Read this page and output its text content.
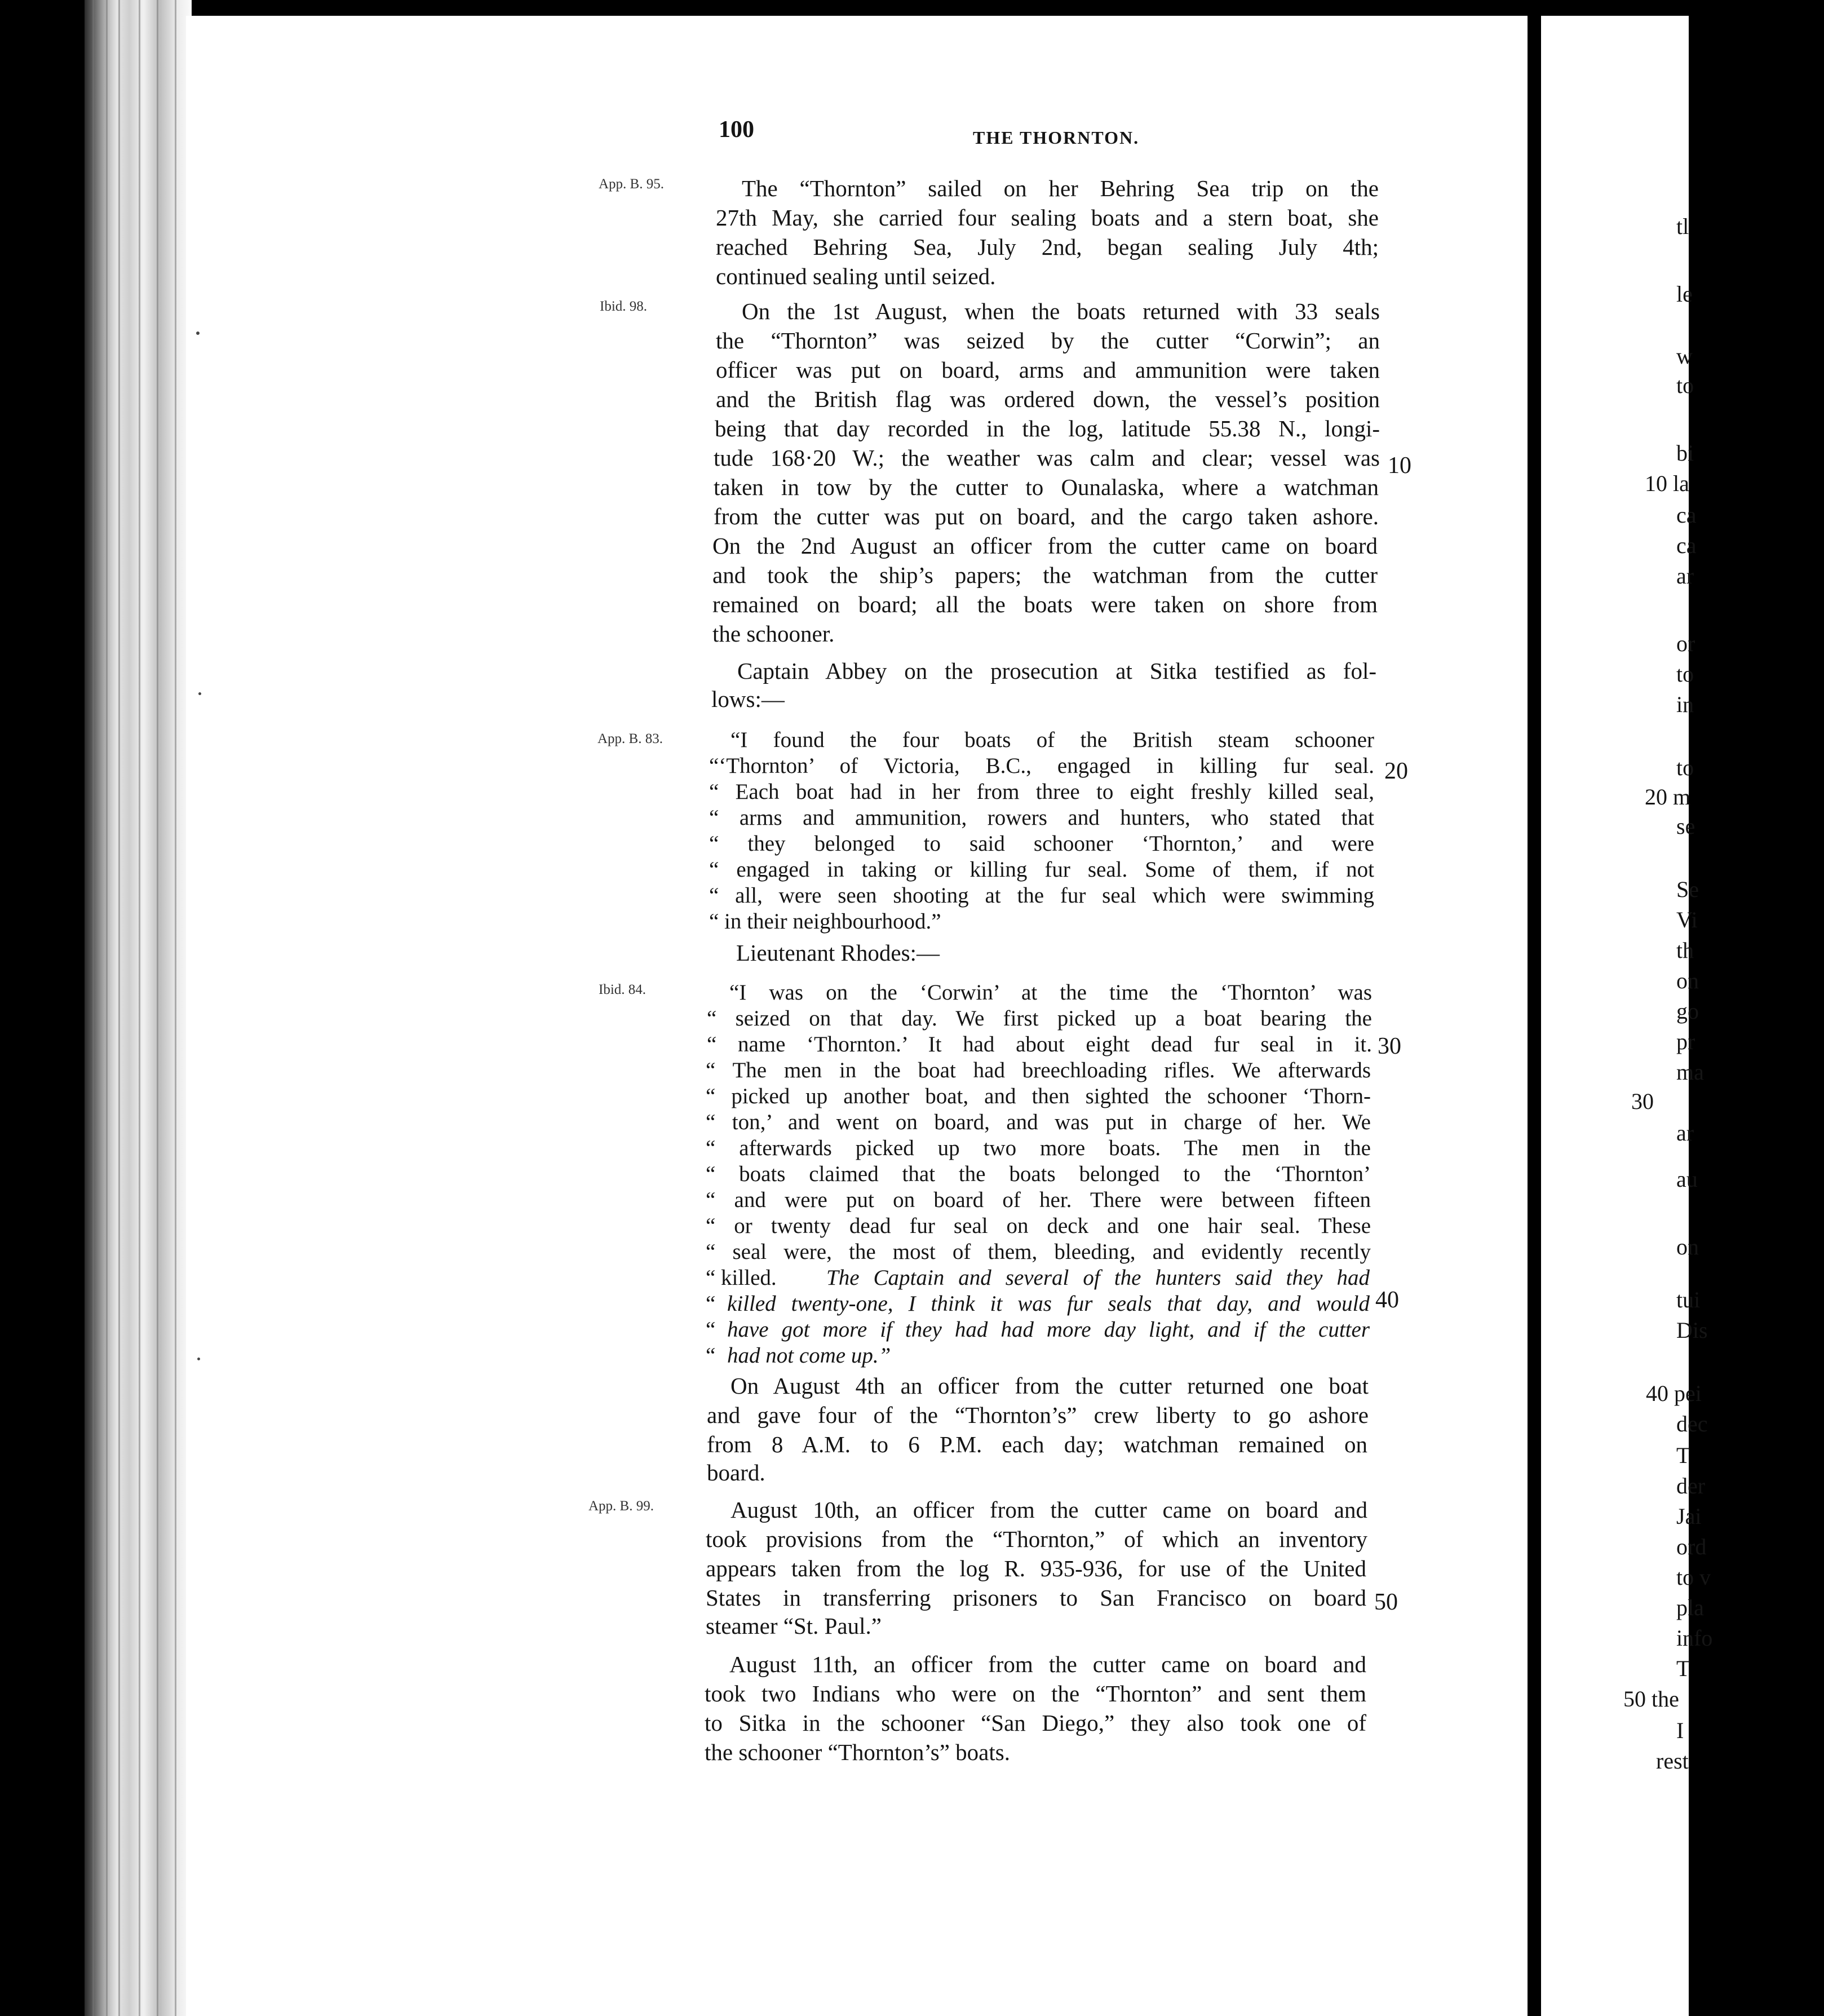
tl
le
w
to
bi
10 la
ca
ca
ar
or
to
in
to
20 m
se
Se
Vi
th
on
go
pr
ma
30
ar
au
on
tui
Dis
40 pei
dec
T
der
Jai
ord
to v
pla
info
T
50 the
I
rest
100	THE THORNTON.
App. B. 95.
Ibid. 98.
App. B. 83.
Ibid. 84.
App. B. 99.
10
20
30
40
50
The “Thornton” sailed on her Behring Sea trip on the
27th May, she carried four sealing boats and a stern boat, she
reached Behring Sea, July 2nd, began sealing July 4th;
continued sealing until seized.
On the 1st August, when the boats returned with 33 seals
the “Thornton” was seized by the cutter “Corwin”; an
officer was put on board, arms and ammunition were taken
and the British flag was ordered down, the vessel’s position
being that day recorded in the log, latitude 55.38 N., longi-
tude 168·20 W.; the weather was calm and clear; vessel was
taken in tow by the cutter to Ounalaska, where a watchman
from the cutter was put on board, and the cargo taken ashore.
On the 2nd August an officer from the cutter came on board
and took the ship’s papers; the watchman from the cutter
remained on board; all the boats were taken on shore from
the schooner.
Captain Abbey on the prosecution at Sitka testified as fol-
lows:—
“I found the four boats of the British steam schooner
“‘Thornton’ of Victoria, B.C., engaged in killing fur seal.
“ Each boat had in her from three to eight freshly killed seal,
“ arms and ammunition, rowers and hunters, who stated that
“ they belonged to said schooner ‘Thornton,’ and were
“ engaged in taking or killing fur seal. Some of them, if not
“ all, were seen shooting at the fur seal which were swimming
“ in their neighbourhood.”
Lieutenant Rhodes:—
“I was on the ‘Corwin’ at the time the ‘Thornton’ was
“ seized on that day. We first picked up a boat bearing the
“ name ‘Thornton.’ It had about eight dead fur seal in it.
“ The men in the boat had breechloading rifles. We afterwards
“ picked up another boat, and then sighted the schooner ‘Thorn-
“ ton,’ and went on board, and was put in charge of her. We
“ afterwards picked up two more boats. The men in the
“ boats claimed that the boats belonged to the ‘Thornton’
“ and were put on board of her. There were between fifteen
“ or twenty dead fur seal on deck and one hair seal. These
“ seal were, the most of them, bleeding, and evidently recently
“ killed.	The Captain and several of the hunters said they had
“ killed twenty-one, I think it was fur seals that day, and would
“ have got more if they had had more day light, and if the cutter
“ had not come up.”
On August 4th an officer from the cutter returned one boat
and gave four of the “Thornton’s” crew liberty to go ashore
from 8 A.M. to 6 P.M. each day; watchman remained on
board.
August 10th, an officer from the cutter came on board and
took provisions from the “Thornton,” of which an inventory
appears taken from the log R. 935-936, for use of the United
States in transferring prisoners to San Francisco on board
steamer “St. Paul.”
August 11th, an officer from the cutter came on board and
took two Indians who were on the “Thornton” and sent them
to Sitka in the schooner “San Diego,” they also took one of
the schooner “Thornton’s” boats.
